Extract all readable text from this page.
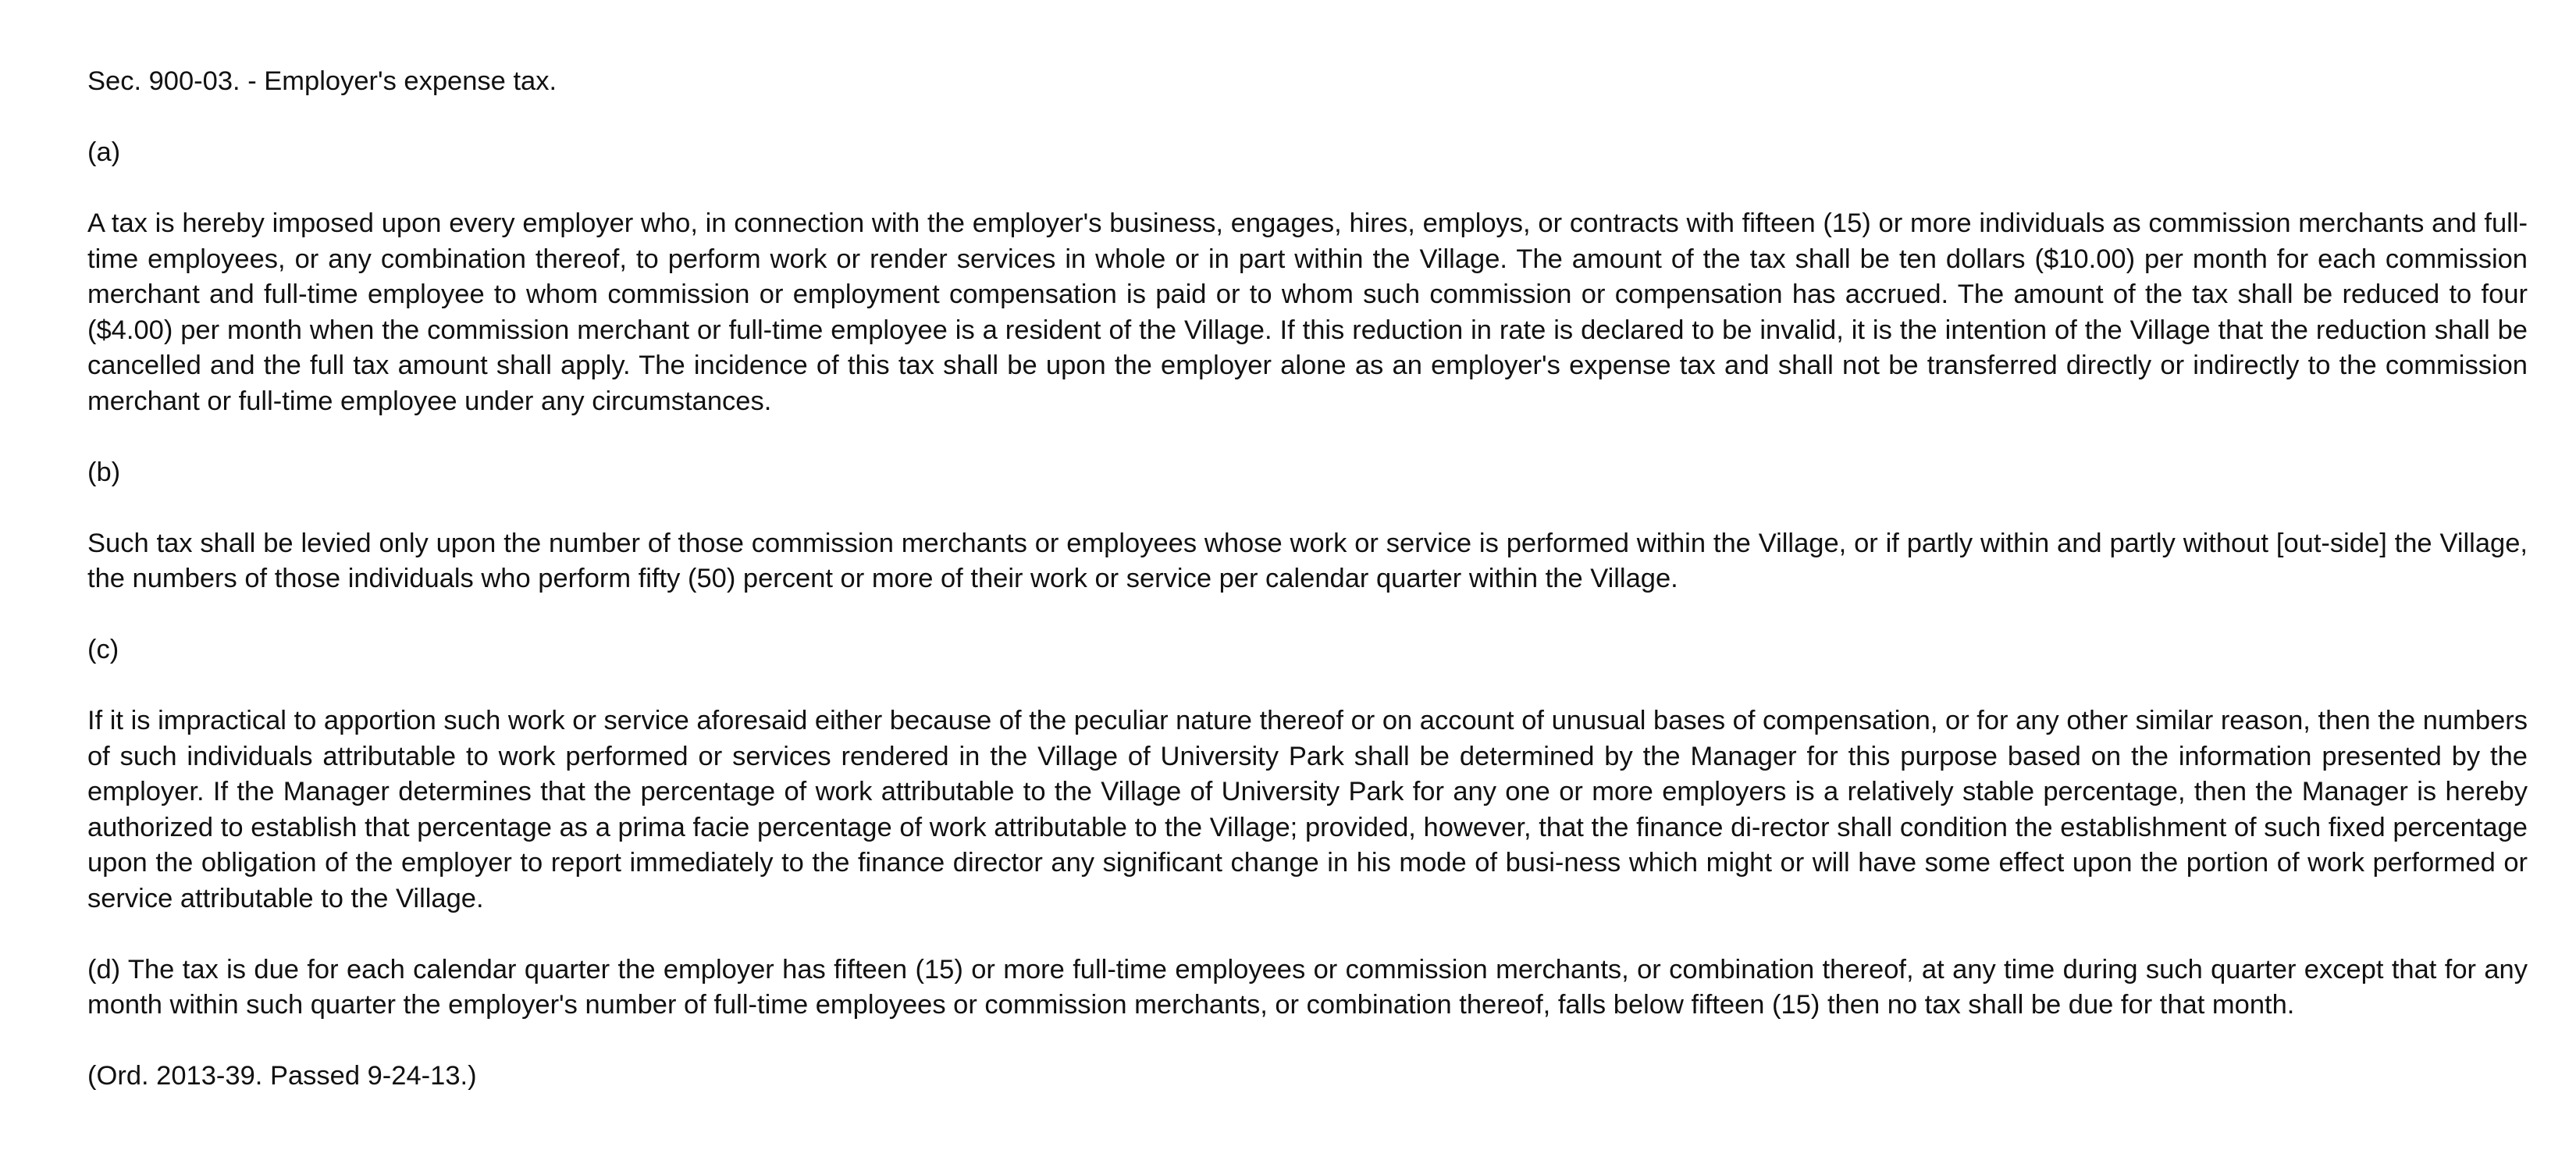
Sec. 900-03. - Employer's expense tax.

(a)

A tax is hereby imposed upon every employer who, in connection with the employer's business, engages, hires, employs, or contracts with fifteen (15) or more individuals as commission merchants and full-time employees, or any combination thereof, to perform work or render services in whole or in part within the Village. The amount of the tax shall be ten dollars ($10.00) per month for each commission merchant and full-time employee to whom commission or employment compensation is paid or to whom such commission or compensation has accrued. The amount of the tax shall be reduced to four ($4.00) per month when the commission merchant or full-time employee is a resident of the Village. If this reduction in rate is declared to be invalid, it is the intention of the Village that the reduction shall be cancelled and the full tax amount shall apply. The incidence of this tax shall be upon the employer alone as an employer's expense tax and shall not be transferred directly or indirectly to the commission merchant or full-time employee under any circumstances.

(b)

Such tax shall be levied only upon the number of those commission merchants or employees whose work or service is performed within the Village, or if partly within and partly without [out-side] the Village, the numbers of those individuals who perform fifty (50) percent or more of their work or service per calendar quarter within the Village.

(c)

If it is impractical to apportion such work or service aforesaid either because of the peculiar nature thereof or on account of unusual bases of compensation, or for any other similar reason, then the numbers of such individuals attributable to work performed or services rendered in the Village of University Park shall be determined by the Manager for this purpose based on the information presented by the employer. If the Manager determines that the percentage of work attributable to the Village of University Park for any one or more employers is a relatively stable percentage, then the Manager is hereby authorized to establish that percentage as a prima facie percentage of work attributable to the Village; provided, however, that the finance di-rector shall condition the establishment of such fixed percentage upon the obligation of the employer to report immediately to the finance director any significant change in his mode of busi-ness which might or will have some effect upon the portion of work performed or service attributable to the Village.

(d) The tax is due for each calendar quarter the employer has fifteen (15) or more full-time employees or commission merchants, or combination thereof, at any time during such quarter except that for any month within such quarter the employer's number of full-time employees or commission merchants, or combination thereof, falls below fifteen (15) then no tax shall be due for that month.

(Ord. 2013-39. Passed 9-24-13.)
